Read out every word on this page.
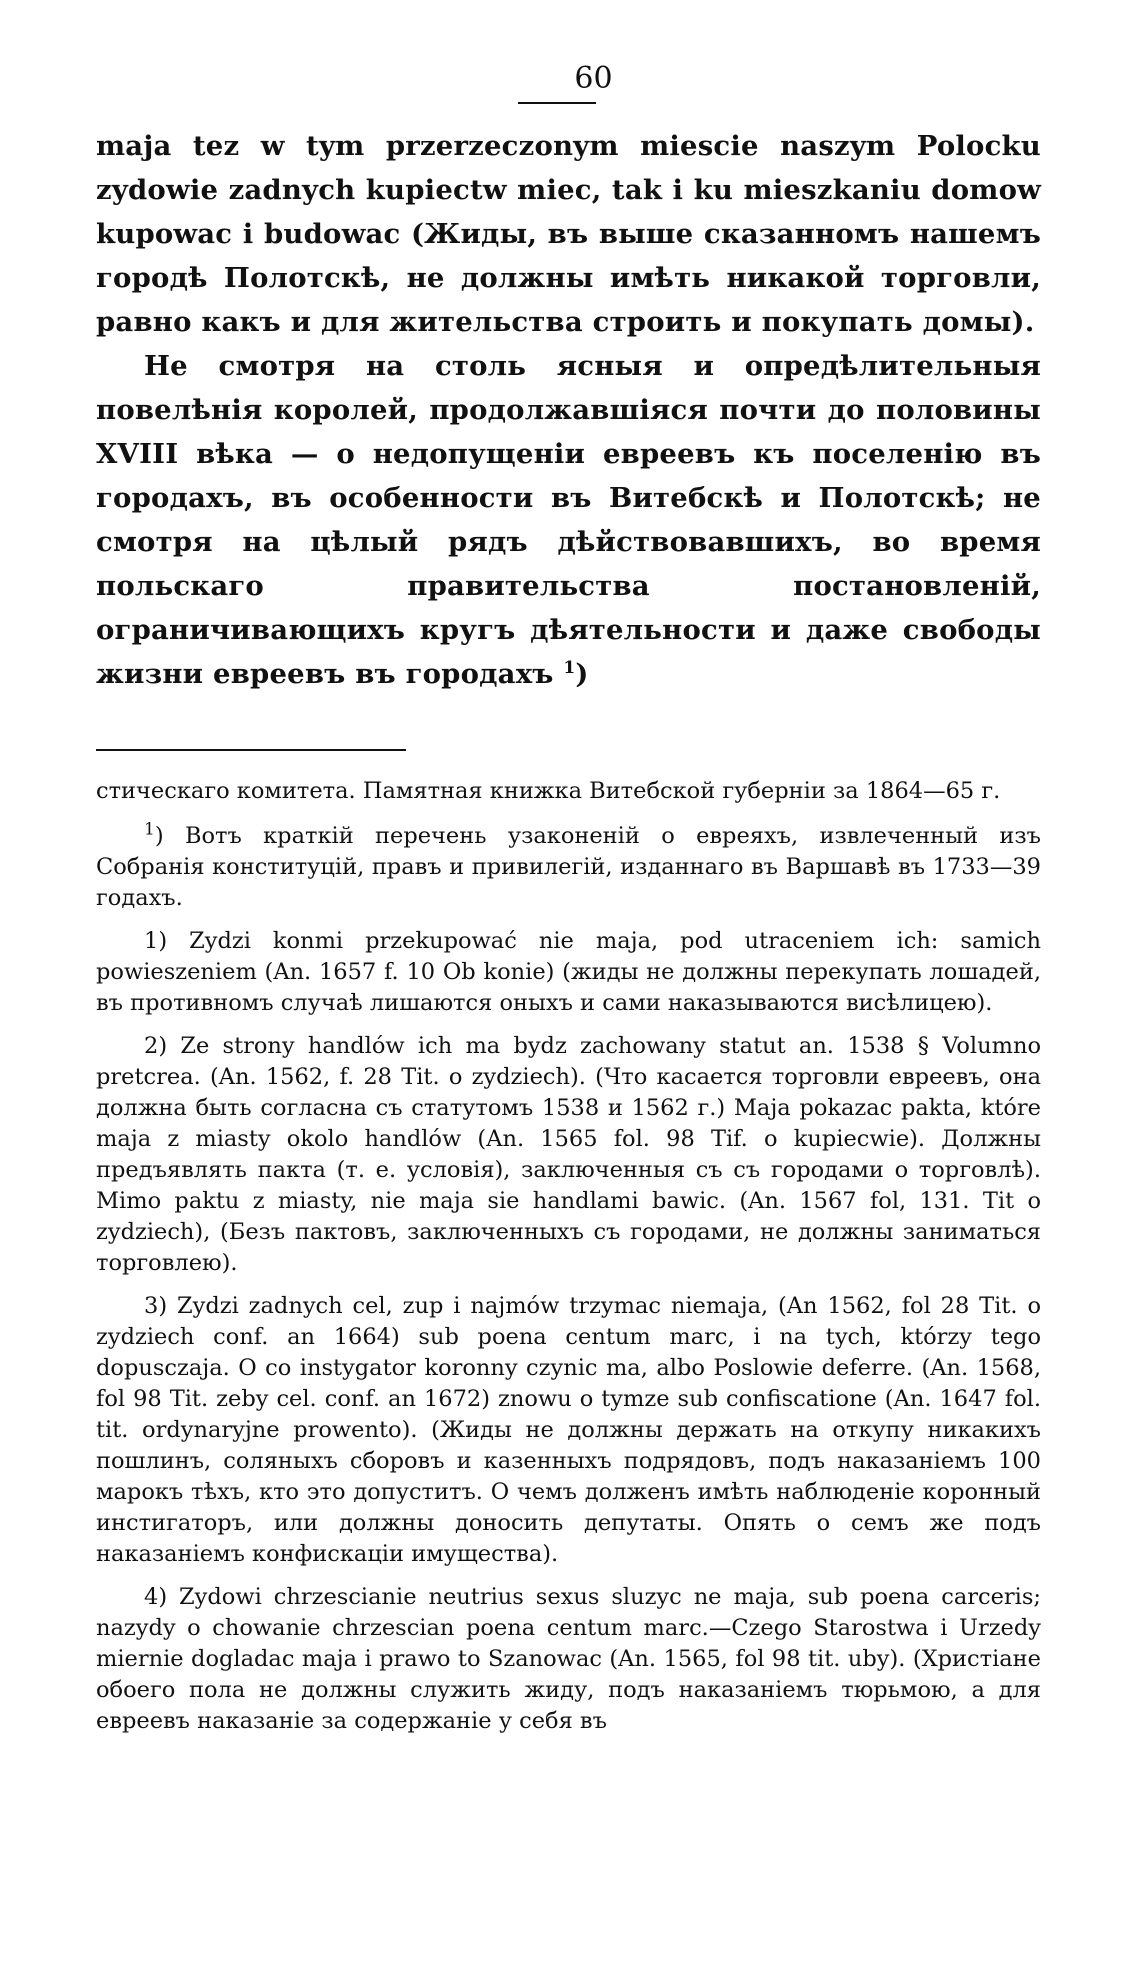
60

maja tez w tym przerzeczonym miescie naszym Polocku zydowie zadnych kupiectw miec, tak i ku mieszkaniu domow kupowac i budowac (Жиды, въ выше сказанномъ нашемъ городѣ Полотскѣ, не должны имѣть никакой торговли, равно какъ и для жительства строить и покупать домы).

Не смотря на столь ясныя и опредѣлительныя повелѣнія королей, продолжавшіяся почти до половины XVIII вѣка — о недопущеніи евреевъ къ поселенію въ городахъ, въ особенности въ Витебскѣ и Полотскѣ; не смотря на цѣлый рядъ дѣйствовавшихъ, во время польскаго правительства постановленій, ограничивающихъ кругъ дѣятельности и даже свободы жизни евреевъ въ городахъ $^1$)

стическаго комитета. Памятная книжка Витебской губерніи за 1864—65 г.

$^1$) Вотъ краткій перечень узаконеній о евреяхъ, извлеченный изъ Собранія конституцій, правъ и привилегій, изданнаго въ Варшавѣ въ 1733—39 годахъ.

1) Zydzi konmi przekupować nie maja, pod utraceniem ich: samich powieszeniem (An. 1657 f. 10 Ob konie) (жиды не должны перекупать лошадей, въ противномъ случаѣ лишаются оныхъ и сами наказываются висѣлицею).

2) Ze strony handlów ich ma bydz zachowany statut an. 1538 § Volumno pretcrea. (An. 1562, f. 28 Tit. o zydziech). (Что касается торговли евреевъ, она должна быть согласна съ статутомъ 1538 и 1562 г.) Maja pokazac pakta, które maja z miasty okolo handlów (An. 1565 fol. 98 Tif. o kupiecwie). Должны предъявлять пакта (т. е. условія), заключенныя съ съ городами о торговлѣ). Mimo paktu z miasty, nie maja sie handlami bawic. (An. 1567 fol, 131. Tit o zydziech), (Безъ пактовъ, заключенныхъ съ городами, не должны заниматься торговлею).

3) Zydzi zadnych cel, zup i najmów trzymac niemaja, (An 1562, fol 28 Tit. o zydziech conf. an 1664) sub poena centum marc, i na tych, którzy tego dopusczaja. O co instygator koronny czynic ma, albo Poslowie deferre. (An. 1568, fol 98 Tit. zeby cel. conf. an 1672) znowu o tymze sub confiscatione (An. 1647 fol. tit. ordynaryjne prowento). (Жиды не должны держать на откупу никакихъ пошлинъ, соляныхъ сборовъ и казенныхъ подрядовъ, подъ наказаніемъ 100 марокъ тѣхъ, кто это допуститъ. О чемъ долженъ имѣть наблюденіе коронный инстигаторъ, или должны доносить депутаты. Опять о семъ же подъ наказаніемъ конфискаціи имущества).

4) Zydowi chrzescianie neutrius sexus sluzyc ne maja, sub poena carceris; nazydy o chowanie chrzescian poena centum marc.—Czego Starostwa i Urzedy miernie dogladac maja i prawo to Szanowac (An. 1565, fol 98 tit. uby). (Христіане обоего пола не должны служить жиду, подъ наказаніемъ тюрьмою, а для евреевъ наказаніе за содержаніе у себя въ
